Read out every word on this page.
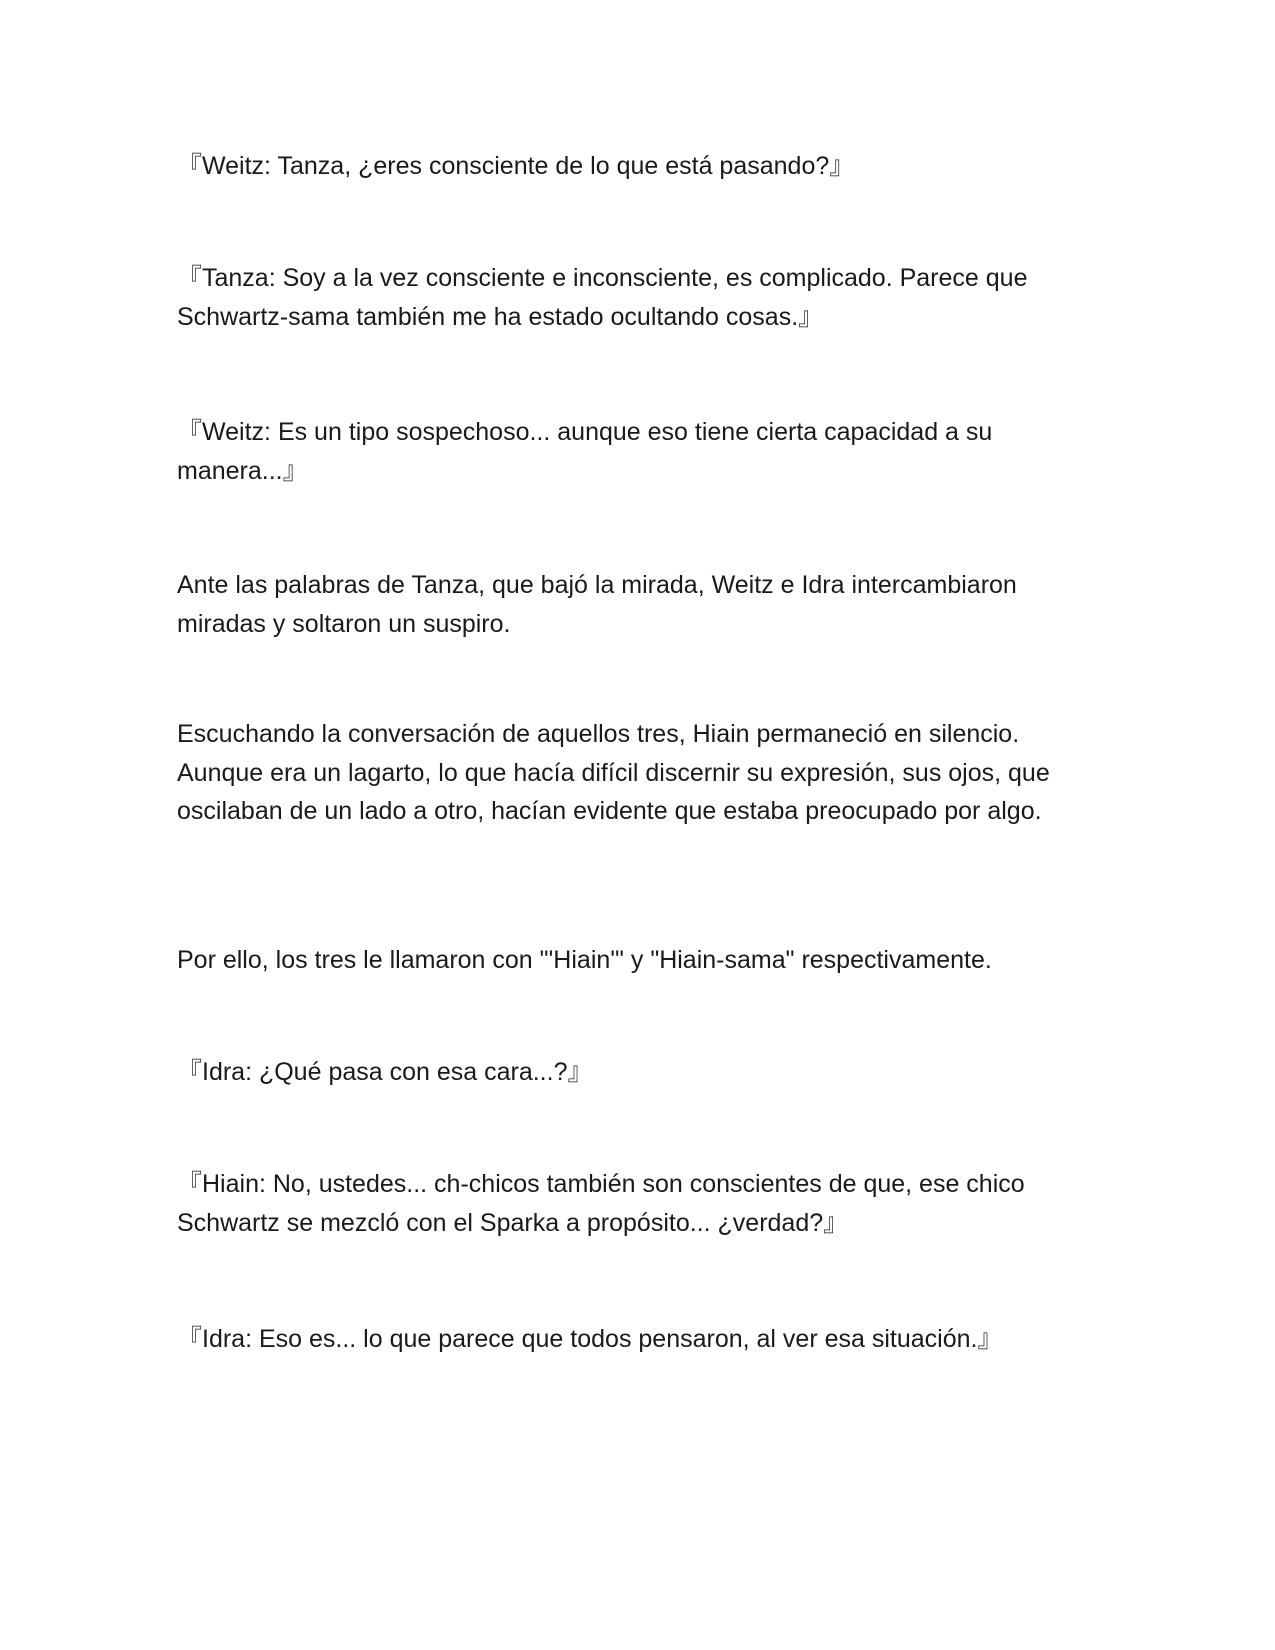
『Weitz: Tanza, ¿eres consciente de lo que está pasando?』

『Tanza: Soy a la vez consciente e inconsciente, es complicado. Parece que Schwartz-sama también me ha estado ocultando cosas.』

『Weitz: Es un tipo sospechoso... aunque eso tiene cierta capacidad a su manera...』

Ante las palabras de Tanza, que bajó la mirada, Weitz e Idra intercambiaron miradas y soltaron un suspiro.

Escuchando la conversación de aquellos tres, Hiain permaneció en silencio. Aunque era un lagarto, lo que hacía difícil discernir su expresión, sus ojos, que oscilaban de un lado a otro, hacían evidente que estaba preocupado por algo.

Por ello, los tres le llamaron con "'Hiain'" y "Hiain-sama" respectivamente.

『Idra: ¿Qué pasa con esa cara...?』

『Hiain: No, ustedes... ch-chicos también son conscientes de que, ese chico Schwartz se mezcló con el Sparka a propósito... ¿verdad?』

『Idra: Eso es... lo que parece que todos pensaron, al ver esa situación.』
